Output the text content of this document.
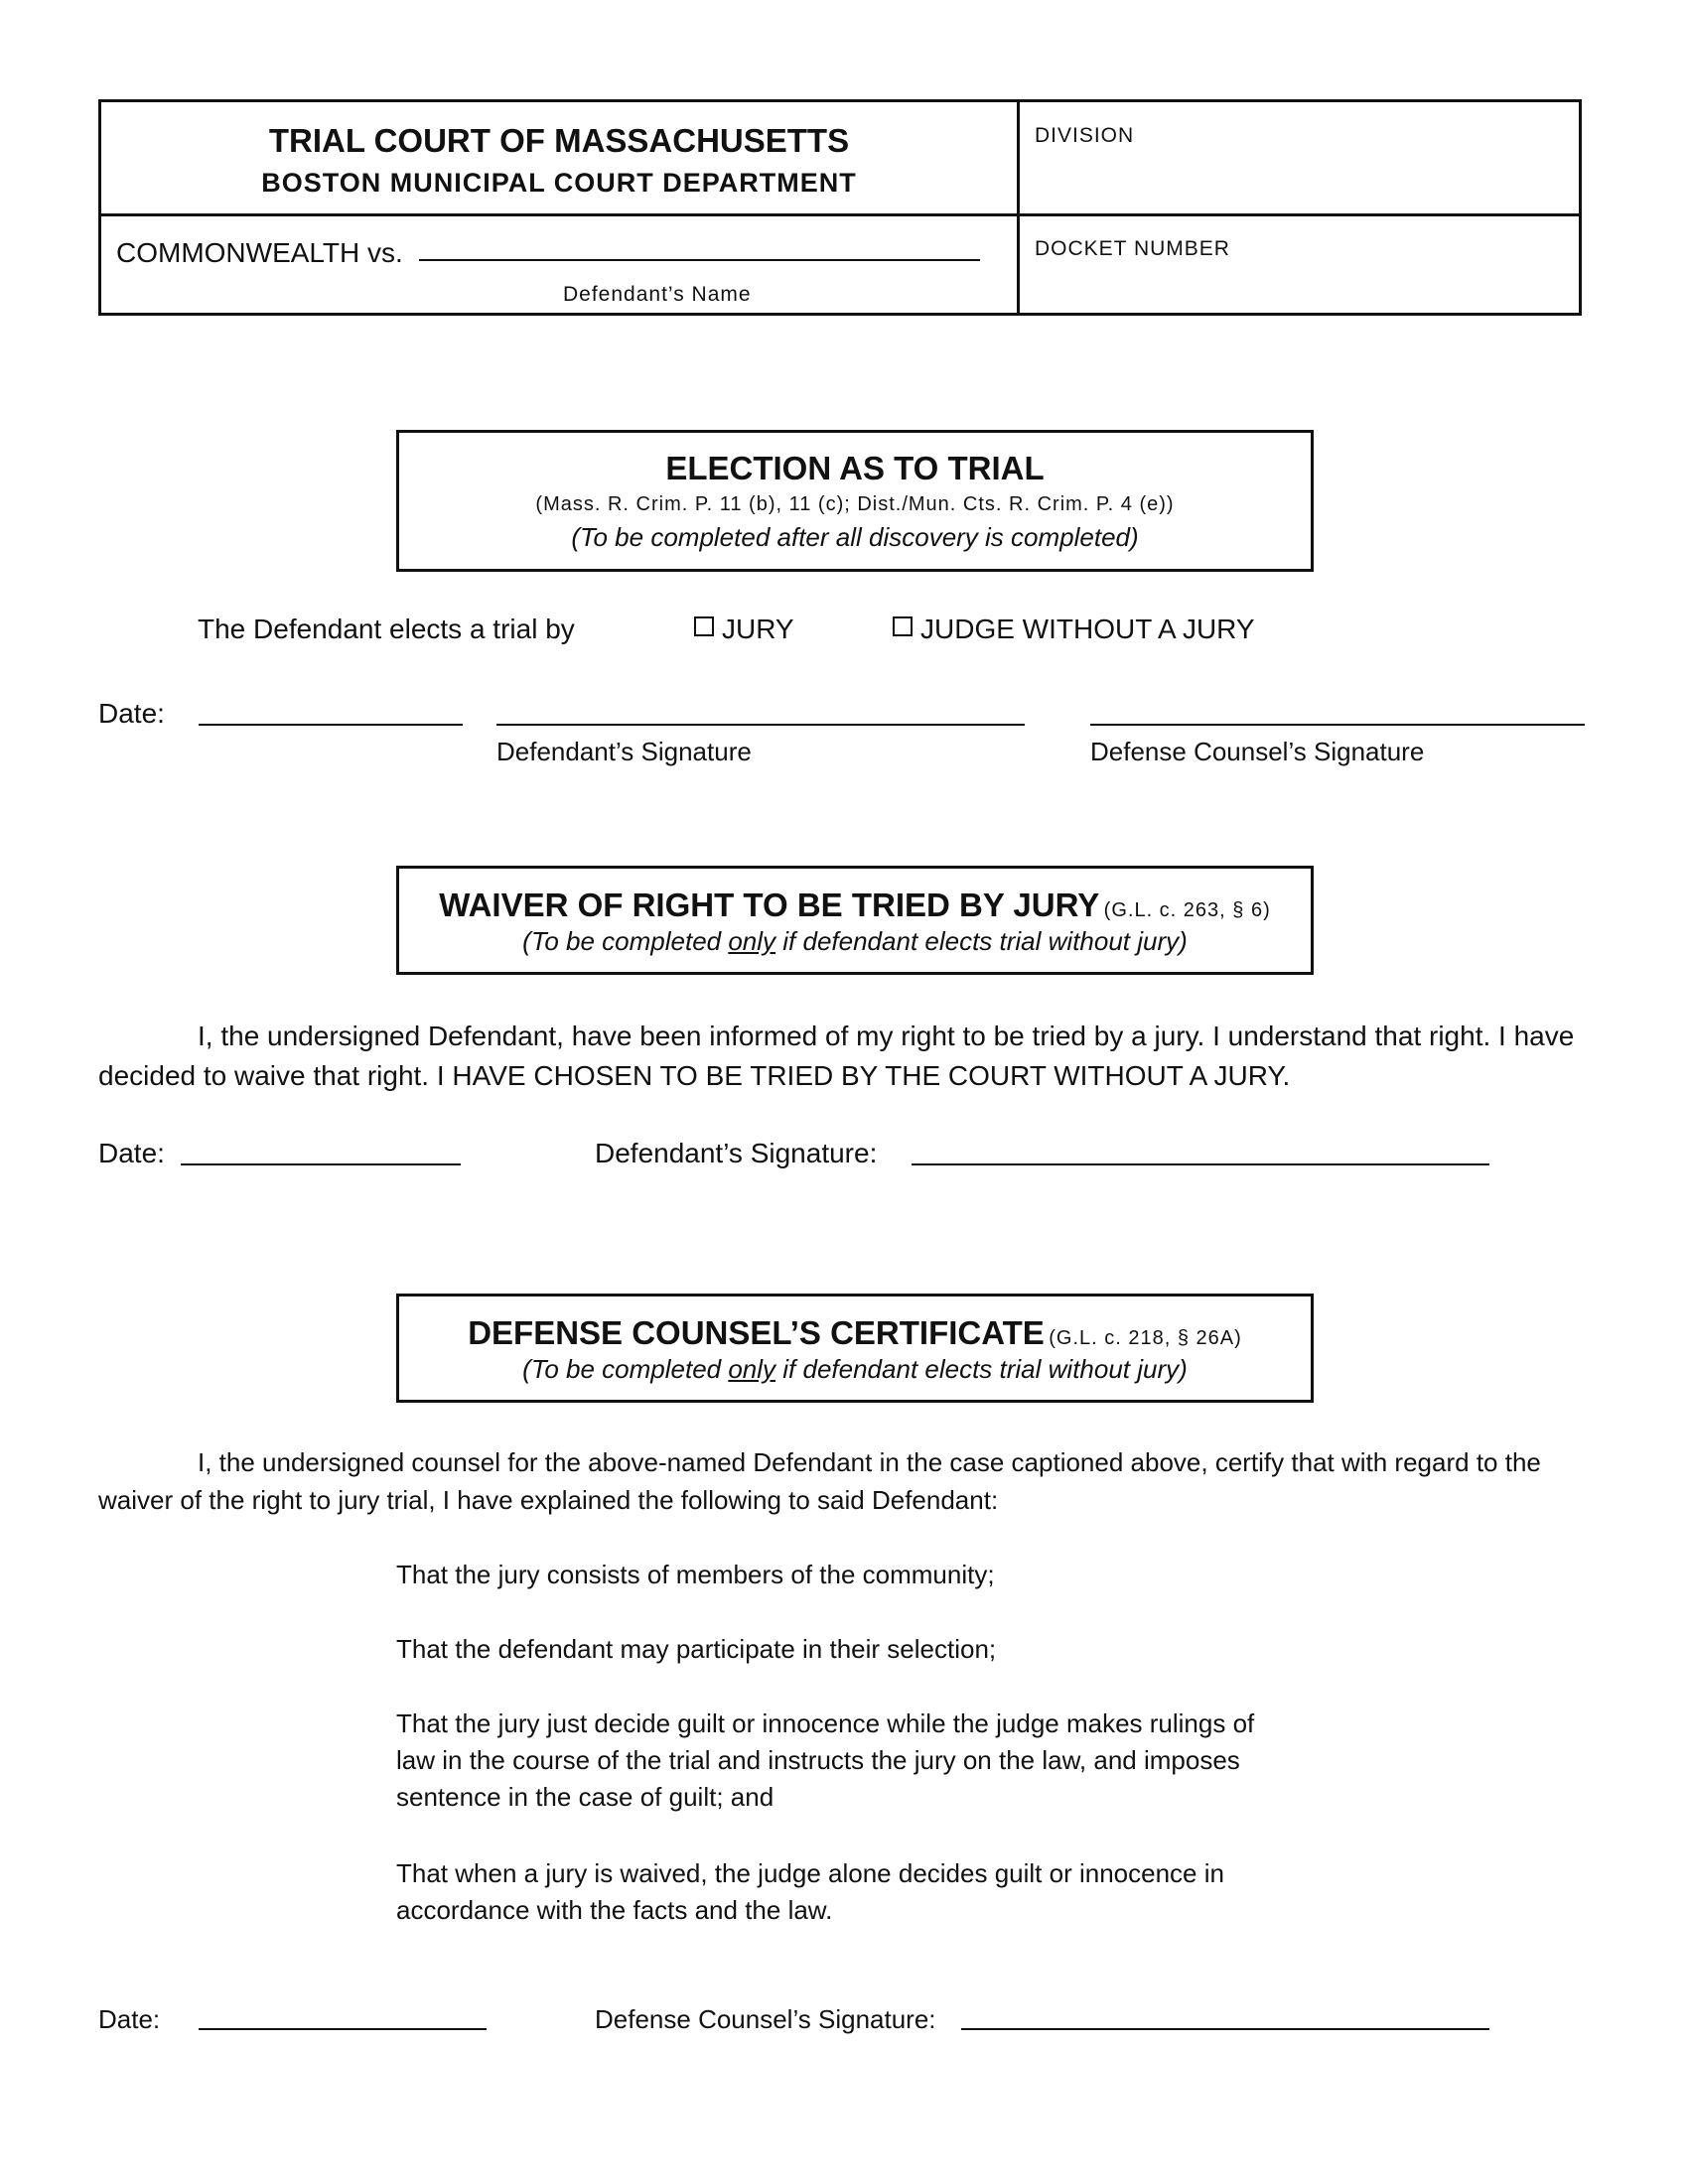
TRIAL COURT OF MASSACHUSETTS
BOSTON MUNICIPAL COURT DEPARTMENT
DIVISION
COMMONWEALTH vs.
Defendant’s Name
DOCKET NUMBER
ELECTION AS TO TRIAL
(Mass. R. Crim. P. 11 (b), 11 (c); Dist./Mun. Cts. R. Crim. P. 4 (e))
(To be completed after all discovery is completed)
The Defendant elects a trial by	JURY	JUDGE WITHOUT A JURY
Date:
Defendant’s Signature	Defense Counsel’s Signature
WAIVER OF RIGHT TO BE TRIED BY JURY (G.L. c. 263, § 6)
(To be completed only if defendant elects trial without jury)
I, the undersigned Defendant, have been informed of my right to be tried by a jury. I understand that right. I have decided to waive that right. I HAVE CHOSEN TO BE TRIED BY THE COURT WITHOUT A JURY.
Date:	Defendant’s Signature:
DEFENSE COUNSEL’S CERTIFICATE (G.L. c. 218, § 26A)
(To be completed only if defendant elects trial without jury)
I, the undersigned counsel for the above-named Defendant in the case captioned above, certify that with regard to the waiver of the right to jury trial, I have explained the following to said Defendant:
That the jury consists of members of the community;
That the defendant may participate in their selection;
That the jury just decide guilt or innocence while the judge makes rulings of law in the course of the trial and instructs the jury on the law, and imposes sentence in the case of guilt; and
That when a jury is waived, the judge alone decides guilt or innocence in accordance with the facts and the law.
Date:	Defense Counsel’s Signature:
